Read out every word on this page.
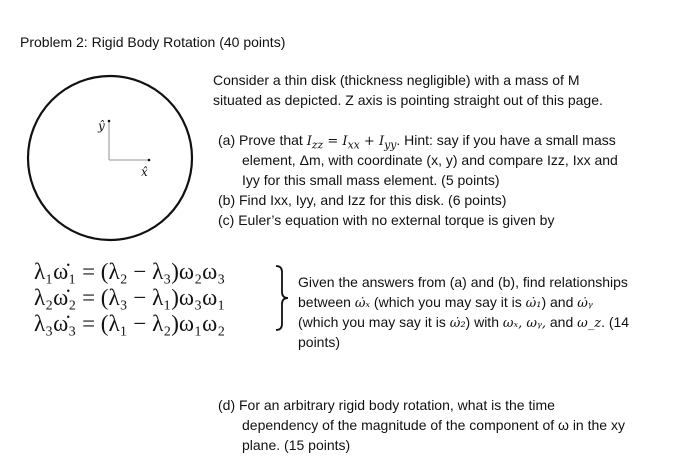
Problem 2: Rigid Body Rotation (40 points)
ŷ
x̂
Consider a thin disk (thickness negligible) with a mass of M
situated as depicted. Z axis is pointing straight out of this page.
(a) Prove that $I_{zz} = I_{xx} + I_{yy}$. Hint: say if you have a small mass
element, Δm, with coordinate (x, y) and compare Izz, Ixx and
Iyy for this small mass element. (5 points)
(b) Find Ixx, Iyy, and Izz for this disk. (6 points)
(c) Euler’s equation with no external torque is given by
λ₁ω̇₁ = (λ₂ − λ₃)ω₂ω₃
λ₂ω̇₂ = (λ₃ − λ₁)ω₃ω₁
λ₃ω̇₃ = (λ₁ − λ₂)ω₁ω₂
Given the answers from (a) and (b), find relationships
between ω̇ₓ (which you may say it is ω̇₁) and ω̇ᵧ
(which you may say it is ω̇₂) with ωₓ, ωᵧ, and ω_z. (14
points)
(d) For an arbitrary rigid body rotation, what is the time
dependency of the magnitude of the component of ω in the xy
plane. (15 points)
